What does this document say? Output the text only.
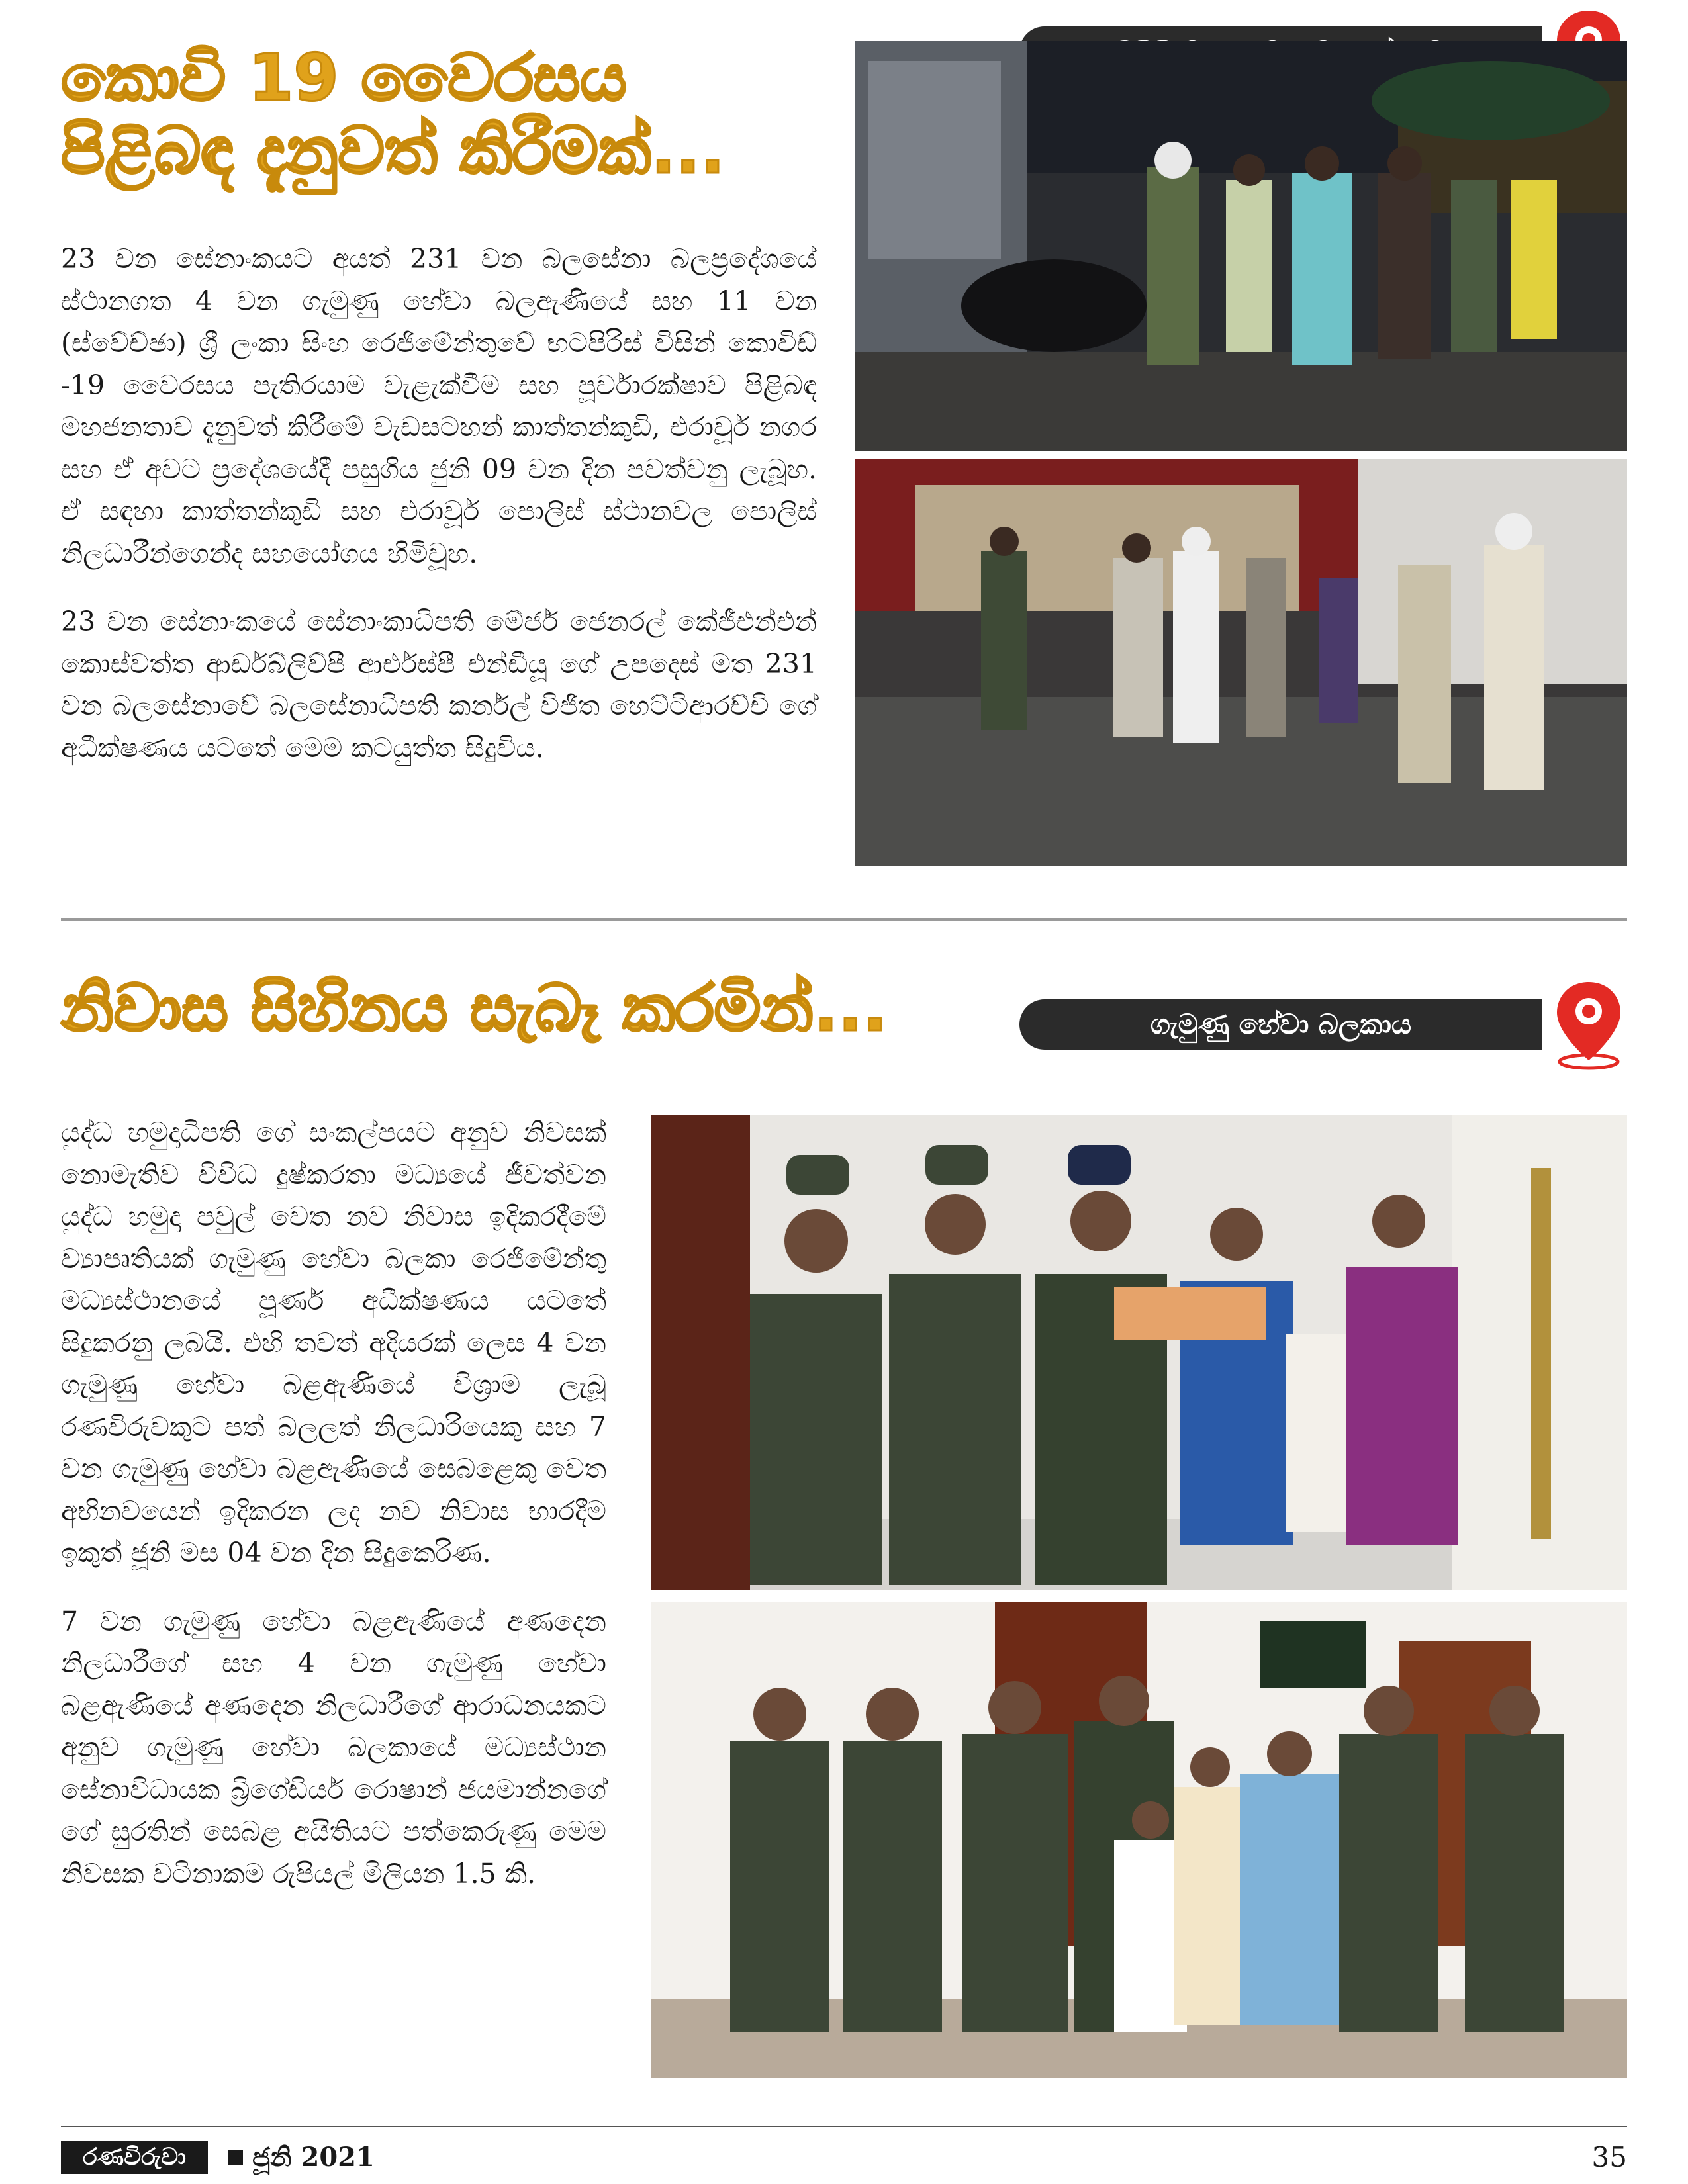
කොවි 19 වෛරසය
පිළිබඳ දැනුවත් කිරීමක්...

23 වන සේනාංකයට අයත් 231 වන බලසේනා බලප්‍රදේශයේ ස්ථානගත 4 වන ගැමුණු හේවා බලඇණියේ සහ 11 වන (ස්වේච්ඡා) ශ්‍රී ලංකා සිංහ රෙජිමේන්තුවේ භටපිරිස් විසින් කොවිඩ් -19 වෛරසය පැතිරයාම වැළැක්වීම සහ පූර්වාරක්ෂාව පිළිබඳ මහජනතාව දැනුවත් කිරීමේ වැඩසටහන් කාත්තන්කුඩි, එරාවූර් නගර සහ ඒ අවට ප්‍රදේශයේදී පසුගිය ජුනි 09 වන දින පවත්වනු ලැබූහ. ඒ සඳහා කාත්තන්කුඩි සහ එරාවූර් පොලිස් ස්ථානවල පොලිස් නිලධාරීන්ගෙන්ද සහයෝගය හිමිවූහ.

23 වන සේනාංකයේ සේනාංකාධිපති මේජර් ජෙනරල් කේජීඑන්එන් කොස්වත්ත ආර්ඩබ්ලිව්පී ආර්එස්පී එන්ඩීයූ ගේ උපදෙස් මත 231 වන බලසේනාවේ බලසේනාධිපති කර්නල් විජිත හෙට්ටිආරච්චි ගේ අධීක්ෂණය යටතේ මෙම කටයුත්ත සිදුවිය.

නිවාස සිහිනය සැබෑ කරමින්...	ගැමුණු හේවා බලකාය

යුද්ධ හමුදාධිපති ගේ සංකල්පයට අනුව නිවසක් නොමැතිව විවිධ දුෂ්කරතා මධ්‍යයේ ජීවත්වන යුද්ධ හමුදා පවුල් වෙත නව නිවාස ඉදිකරදීමේ ව්‍යාපෘතියක් ගැමුණු හේවා බලකා රෙජිමේන්තු මධ්‍යස්ථානයේ පූර්ණ අධීක්ෂණය යටතේ සිදුකරනු ලබයි. එහි තවත් අදියරක් ලෙස 4 වන ගැමුණු හේවා බළඇණියේ විශ්‍රාම ලැබූ රණවිරුවකුට පත් බලලත් නිලධාරියෙකු සහ 7 වන ගැමුණු හේවා බළඇණියේ සෙබළෙකු වෙත අභිනවයෙන් ඉදිකරන ලද නව නිවාස භාරදීම ඉකුත් ජූනි මස 04 වන දින සිදුකෙරිණ.

7 වන ගැමුණු හේවා බළඇණියේ අණදෙන නිලධාරීගේ සහ 4 වන ගැමුණු හේවා බළඇණියේ අණදෙන නිලධාරීගේ ආරාධනයකට අනුව ගැමුණු හේවා බලකායේ මධ්‍යස්ථාන සේනාවිධායක බ්‍රිගේඩියර් රොෂාන් ජයමාන්නගේ ගේ සුරතින් සෙබළ අයිතියට පත්කෙරුණු මෙම නිවසක වටිනාකම රුපියල් මිලියන 1.5 කි.

රණවිරුවා	ජූනි 2021	35
